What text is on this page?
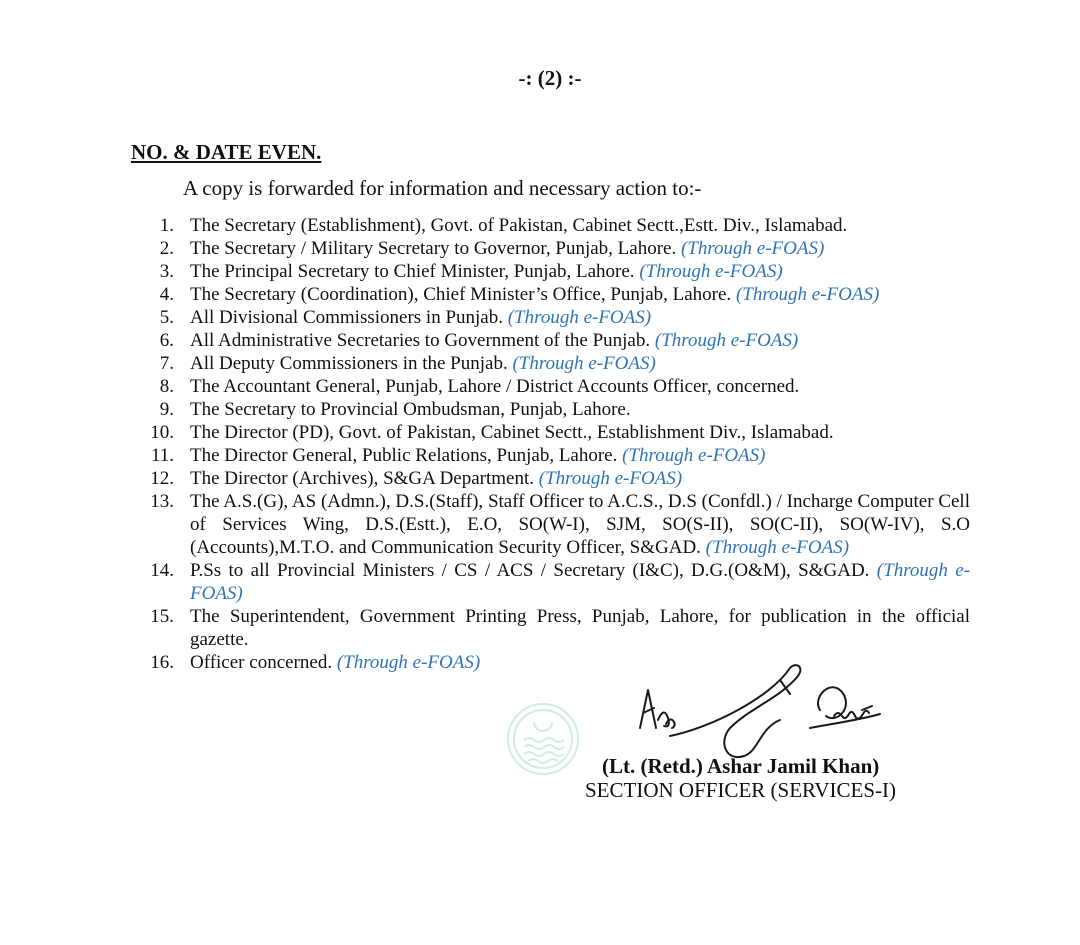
-: (2) :-
NO. & DATE EVEN.
A copy is forwarded for information and necessary action to:-
1. The Secretary (Establishment), Govt. of Pakistan, Cabinet Sectt.,Estt. Div., Islamabad.
2. The Secretary / Military Secretary to Governor, Punjab, Lahore. (Through e-FOAS)
3. The Principal Secretary to Chief Minister, Punjab, Lahore. (Through e-FOAS)
4. The Secretary (Coordination), Chief Minister’s Office, Punjab, Lahore. (Through e-FOAS)
5. All Divisional Commissioners in Punjab. (Through e-FOAS)
6. All Administrative Secretaries to Government of the Punjab. (Through e-FOAS)
7. All Deputy Commissioners in the Punjab. (Through e-FOAS)
8. The Accountant General, Punjab, Lahore / District Accounts Officer, concerned.
9. The Secretary to Provincial Ombudsman, Punjab, Lahore.
10. The Director (PD), Govt. of Pakistan, Cabinet Sectt., Establishment Div., Islamabad.
11. The Director General, Public Relations, Punjab, Lahore. (Through e-FOAS)
12. The Director (Archives), S&GA Department. (Through e-FOAS)
13. The A.S.(G), AS (Admn.), D.S.(Staff), Staff Officer to A.C.S., D.S (Confdl.) / Incharge Computer Cell of Services Wing, D.S.(Estt.), E.O, SO(W-I), SJM, SO(S-II), SO(C-II), SO(W-IV), S.O (Accounts),M.T.O. and Communication Security Officer, S&GAD. (Through e-FOAS)
14. P.Ss to all Provincial Ministers / CS / ACS / Secretary (I&C), D.G.(O&M), S&GAD. (Through e-FOAS)
15. The Superintendent, Government Printing Press, Punjab, Lahore, for publication in the official gazette.
16. Officer concerned. (Through e-FOAS)
(Lt. (Retd.) Ashar Jamil Khan)
SECTION OFFICER (SERVICES-I)
